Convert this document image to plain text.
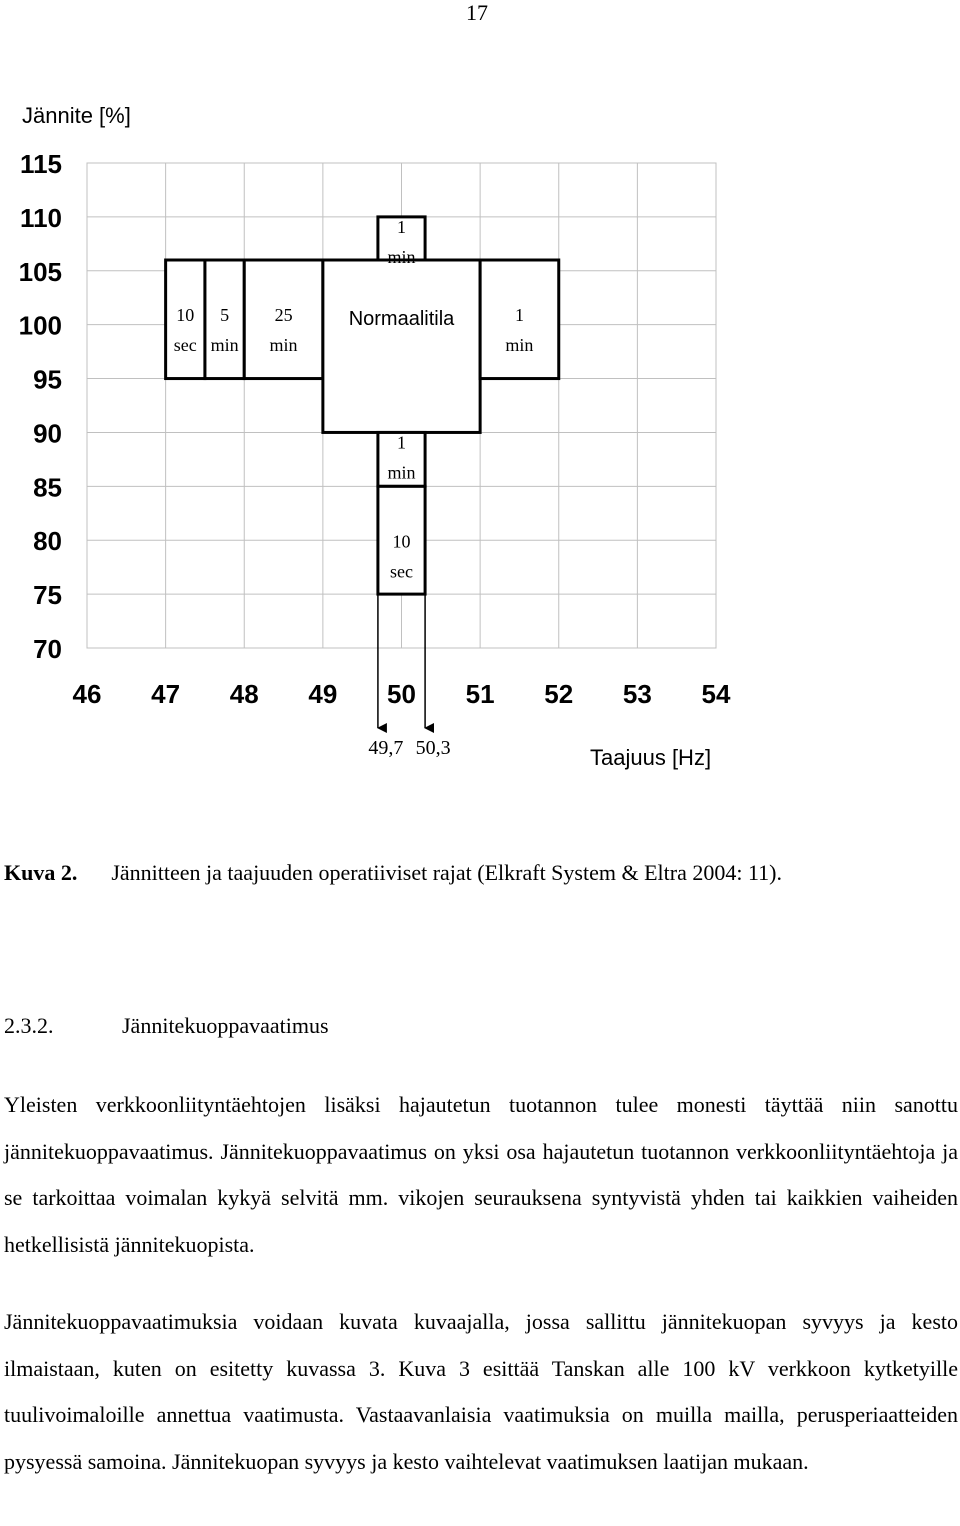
17
Jännite [%]
10
sec
5
min
25
min
Normaalitila	1
min
1
min
1
min
10
sec
46 47 48 49 50 51 52 53 54
115
110
105
100
95
90
85
80
75
70
49,7 50,3	Taajuus [Hz]
Kuva 2. Jännitteen ja taajuuden operatiiviset rajat (Elkraft System & Eltra 2004: 11).
2.3.2.	Jännitekuoppavaatimus

Yleisten verkkoonliityntäehtojen lisäksi hajautetun tuotannon tulee monesti täyttää niin sanottu jännitekuoppavaatimus. Jännitekuoppavaatimus on yksi osa hajautetun tuotannon verkkoonliityntäehtoja ja se tarkoittaa voimalan kykyä selvitä mm. vikojen seurauksena syntyvistä yhden tai kaikkien vaiheiden hetkellisistä jännitekuopista.

Jännitekuoppavaatimuksia voidaan kuvata kuvaajalla, jossa sallittu jännitekuopan syvyys ja kesto ilmaistaan, kuten on esitetty kuvassa 3. Kuva 3 esittää Tanskan alle 100 kV verkkoon kytketyille tuulivoimaloille annettua vaatimusta. Vastaavanlaisia vaatimuksia on muilla mailla, perusperiaatteiden pysyessä samoina. Jännitekuopan syvyys ja kesto vaihtelevat vaatimuksen laatijan mukaan.
